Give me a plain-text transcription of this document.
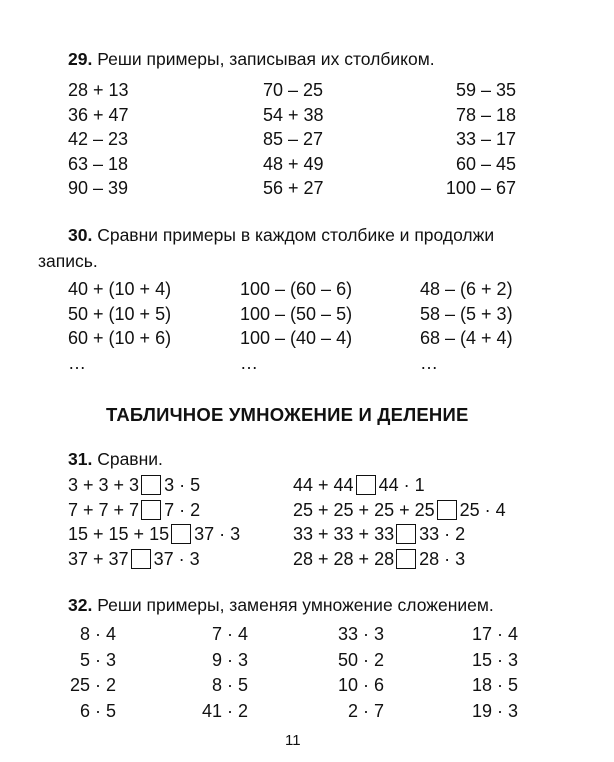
29. Реши примеры, записывая их столбиком.
28 + 13
36 + 47
42 – 23
63 – 18
90 – 39
70 – 25
54 + 38
85 – 27
48 + 49
56 + 27
59 – 35
78 – 18
33 – 17
60 – 45
100 – 67
30. Сравни примеры в каждом столбике и продолжи
запись.
40 + (10 + 4)
50 + (10 + 5)
60 + (10 + 6)
…
100 – (60 – 6)
100 – (50 – 5)
100 – (40 – 4)
…
48 – (6 + 2)
58 – (5 + 3)
68 – (4 + 4)
…
ТАБЛИЧНОЕ УМНОЖЕНИЕ И ДЕЛЕНИЕ
31. Сравни.
3 + 3 + 3 3 · 5
7 + 7 + 7 7 · 2
15 + 15 + 15 37 · 3
37 + 37 37 · 3
44 + 44 44 · 1
25 + 25 + 25 + 25 25 · 4
33 + 33 + 33 33 · 2
28 + 28 + 28 28 · 3
32. Реши примеры, заменяя умножение сложением.
8 · 4
5 · 3
25 · 2
6 · 5
7 · 4
9 · 3
8 · 5
41 · 2
33 · 3
50 · 2
10 · 6
2 · 7
17 · 4
15 · 3
18 · 5
19 · 3
11
